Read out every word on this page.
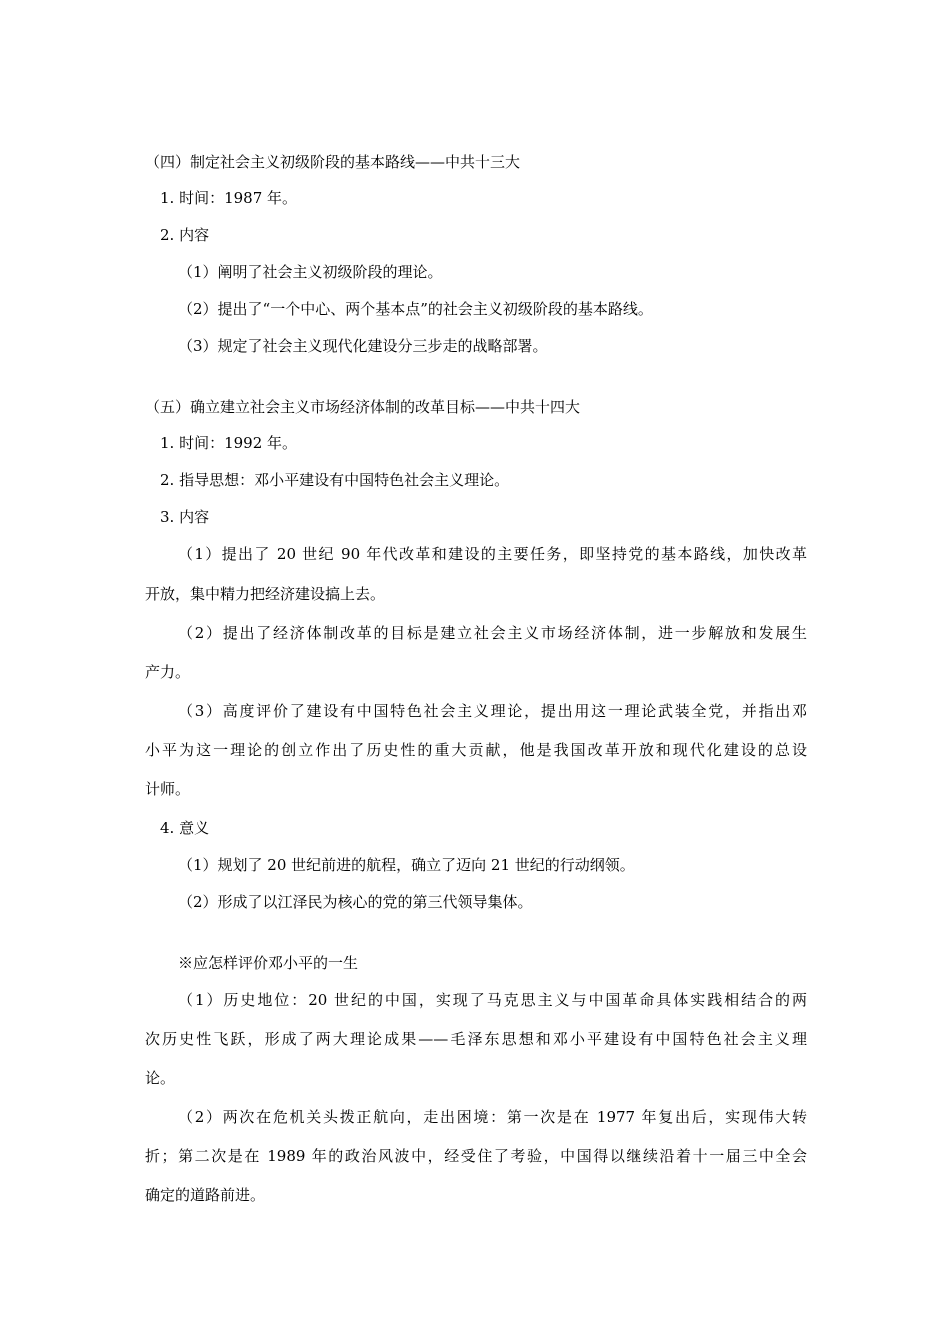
（四）制定社会主义初级阶段的基本路线——中共十三大
1. 时间：1987 年。
2. 内容
（1）阐明了社会主义初级阶段的理论。
（2）提出了“一个中心、两个基本点”的社会主义初级阶段的基本路线。
（3）规定了社会主义现代化建设分三步走的战略部署。
（五）确立建立社会主义市场经济体制的改革目标——中共十四大
1. 时间：1992 年。
2. 指导思想：邓小平建设有中国特色社会主义理论。
3. 内容
（1）提出了 20 世纪 90 年代改革和建设的主要任务，即坚持党的基本路线，加快改革
开放，集中精力把经济建设搞上去。
（2）提出了经济体制改革的目标是建立社会主义市场经济体制，进一步解放和发展生
产力。
（3）高度评价了建设有中国特色社会主义理论，提出用这一理论武装全党，并指出邓
小平为这一理论的创立作出了历史性的重大贡献，他是我国改革开放和现代化建设的总设
计师。
4. 意义
（1）规划了 20 世纪前进的航程，确立了迈向 21 世纪的行动纲领。
（2）形成了以江泽民为核心的党的第三代领导集体。
※应怎样评价邓小平的一生
（1）历史地位：20 世纪的中国，实现了马克思主义与中国革命具体实践相结合的两
次历史性飞跃，形成了两大理论成果——毛泽东思想和邓小平建设有中国特色社会主义理
论。
（2）两次在危机关头拨正航向，走出困境：第一次是在 1977 年复出后，实现伟大转
折；第二次是在 1989 年的政治风波中，经受住了考验，中国得以继续沿着十一届三中全会
确定的道路前进。
